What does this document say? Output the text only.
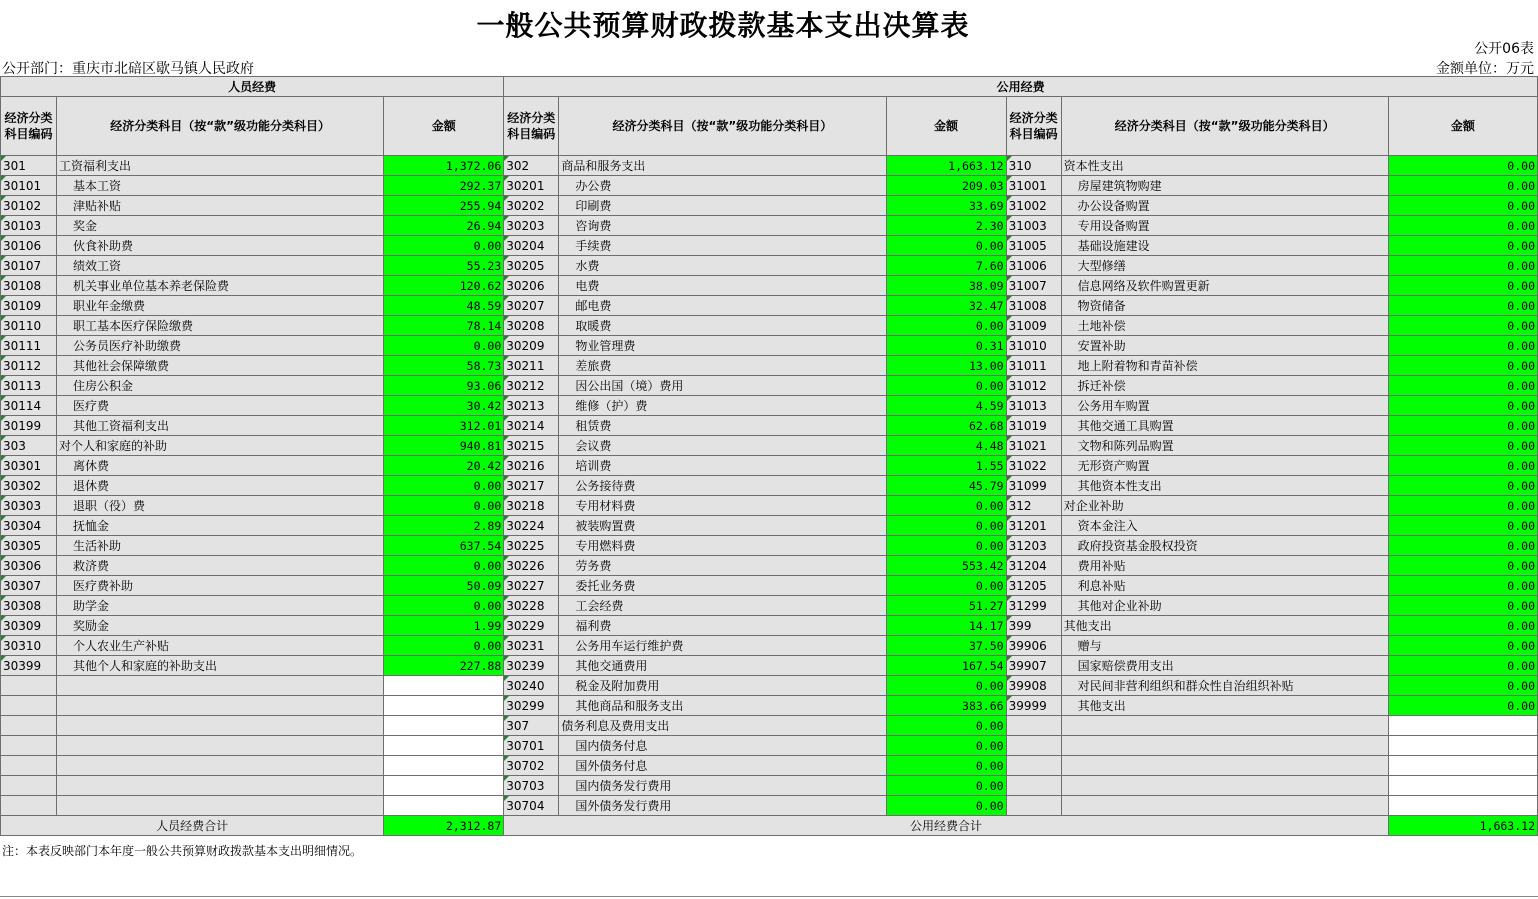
一般公共预算财政拨款基本支出决算表
公开06表
公开部门：重庆市北碚区歇马镇人民政府	金额单位：万元
人员经费			公用经费					
经济分类科目编码	经济分类科目（按“款”级功能分类科目）	金额	经济分类科目编码	经济分类科目（按“款”级功能分类科目）	金额	经济分类科目编码	经济分类科目（按“款”级功能分类科目）	金额
301	工资福利支出	1,372.06	302	商品和服务支出	1,663.12	310	资本性支出	0.00
30101	基本工资	292.37	30201	办公费	209.03	31001	房屋建筑物购建	0.00
30102	津贴补贴	255.94	30202	印刷费	33.69	31002	办公设备购置	0.00
30103	奖金	26.94	30203	咨询费	2.30	31003	专用设备购置	0.00
30106	伙食补助费	0.00	30204	手续费	0.00	31005	基础设施建设	0.00
30107	绩效工资	55.23	30205	水费	7.60	31006	大型修缮	0.00
30108	机关事业单位基本养老保险费	120.62	30206	电费	38.09	31007	信息网络及软件购置更新	0.00
30109	职业年金缴费	48.59	30207	邮电费	32.47	31008	物资储备	0.00
30110	职工基本医疗保险缴费	78.14	30208	取暖费	0.00	31009	土地补偿	0.00
30111	公务员医疗补助缴费	0.00	30209	物业管理费	0.31	31010	安置补助	0.00
30112	其他社会保障缴费	58.73	30211	差旅费	13.00	31011	地上附着物和青苗补偿	0.00
30113	住房公积金	93.06	30212	因公出国（境）费用	0.00	31012	拆迁补偿	0.00
30114	医疗费	30.42	30213	维修（护）费	4.59	31013	公务用车购置	0.00
30199	其他工资福利支出	312.01	30214	租赁费	62.68	31019	其他交通工具购置	0.00
303	对个人和家庭的补助	940.81	30215	会议费	4.48	31021	文物和陈列品购置	0.00
30301	离休费	20.42	30216	培训费	1.55	31022	无形资产购置	0.00
30302	退休费	0.00	30217	公务接待费	45.79	31099	其他资本性支出	0.00
30303	退职（役）费	0.00	30218	专用材料费	0.00	312	对企业补助	0.00
30304	抚恤金	2.89	30224	被装购置费	0.00	31201	资本金注入	0.00
30305	生活补助	637.54	30225	专用燃料费	0.00	31203	政府投资基金股权投资	0.00
30306	救济费	0.00	30226	劳务费	553.42	31204	费用补贴	0.00
30307	医疗费补助	50.09	30227	委托业务费	0.00	31205	利息补贴	0.00
30308	助学金	0.00	30228	工会经费	51.27	31299	其他对企业补助	0.00
30309	奖励金	1.99	30229	福利费	14.17	399	其他支出	0.00
30310	个人农业生产补贴	0.00	30231	公务用车运行维护费	37.50	39906	赠与	0.00
30399	其他个人和家庭的补助支出	227.88	30239	其他交通费用	167.54	39907	国家赔偿费用支出	0.00
			30240	税金及附加费用	0.00	39908	对民间非营利组织和群众性自治组织补贴	0.00
			30299	其他商品和服务支出	383.66	39999	其他支出	0.00
			307	债务利息及费用支出	0.00			
			30701	国内债务付息	0.00			
			30702	国外债务付息	0.00			
			30703	国内债务发行费用	0.00			
			30704	国外债务发行费用	0.00			
人员经费合计		2,312.87	公用经费合计					1,663.12
注：本表反映部门本年度一般公共预算财政拨款基本支出明细情况。
